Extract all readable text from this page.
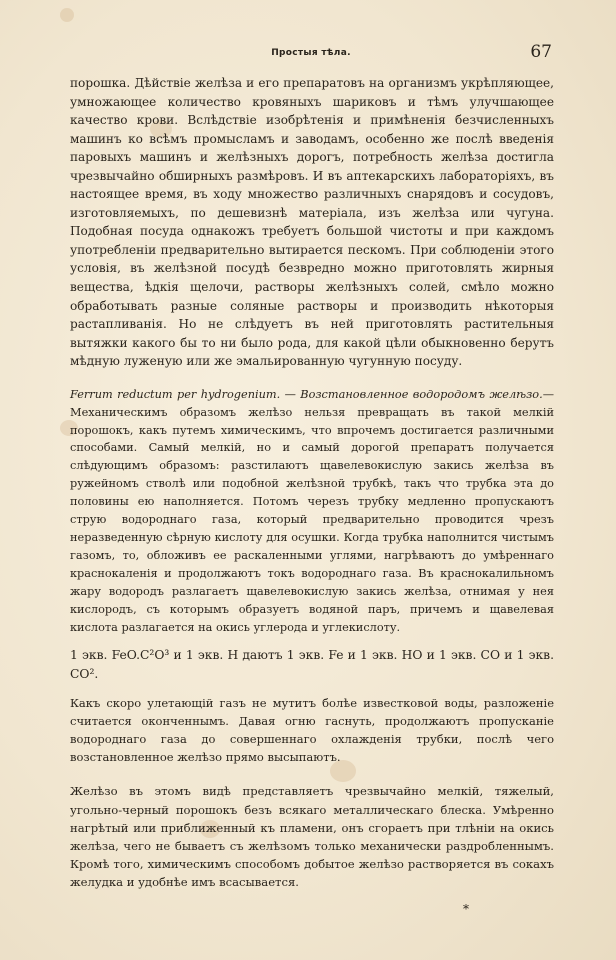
Простыя тѣла.	67

порошка. Дѣйствіе желѣза и его препаратовъ на организмъ укрѣпляющее, умножающее количество кровяныхъ шариковъ и тѣмъ улучшающее качество крови. Вслѣдствіе изобрѣтенія и примѣненія безчисленныхъ машинъ ко всѣмъ промысламъ и заводамъ, особенно же послѣ введенія паровыхъ машинъ и желѣзныхъ дорогъ, потребность желѣза достигла чрезвычайно обширныхъ размѣровъ. И въ аптекарскихъ лабораторіяхъ, въ настоящее время, въ ходу множество различныхъ снарядовъ и сосудовъ, изготовляемыхъ, по дешевизнѣ матеріала, изъ желѣза или чугуна. Подобная посуда однакожъ требуетъ большой чистоты и при каждомъ употребленіи предварительно вытирается пескомъ. При соблюденіи этого условія, въ желѣзной посудѣ безвредно можно приготовлять жирныя вещества, ѣдкія щелочи, растворы желѣзныхъ солей, смѣло можно обработывать разные соляные растворы и производить нѣкоторыя растапливанія. Но не слѣдуетъ въ ней приготовлять растительныя вытяжки какого бы то ни было рода, для какой цѣли обыкновенно берутъ мѣдную луженую или же эмальированную чугунную посуду.

Ferrum reductum per hydrogenium. — Возстановленное водородомъ желѣзо.—Механическимъ образомъ желѣзо нельзя превращать въ такой мелкій порошокъ, какъ путемъ химическимъ, что впрочемъ достигается различными способами. Самый мелкій, но и самый дорогой препаратъ получается слѣдующимъ образомъ: разстилаютъ щавелевокислую закись желѣза въ ружейномъ стволѣ или подобной желѣзной трубкѣ, такъ что трубка эта до половины ею наполняется. Потомъ черезъ трубку медленно пропускаютъ струю водороднаго газа, который предварительно проводится чрезъ неразведенную сѣрную кислоту для осушки. Когда трубка наполнится чистымъ газомъ, то, обложивъ ее раскаленными углями, нагрѣваютъ до умѣреннаго краснокаленія и продолжаютъ токъ водороднаго газа. Въ краснокалильномъ жару водородъ разлагаетъ щавелевокислую закись желѣза, отнимая у нея кислородъ, съ которымъ образуетъ водяной паръ, причемъ и щавелевая кислота разлагается на окись углерода и углекислоту.

1 экв. FeO.C²O³ и 1 экв. H даютъ 1 экв. Fe и 1 экв. HO и 1 экв. CO и 1 экв. CO².

Какъ скоро улетающій газъ не мутитъ болѣе известковой воды, разложеніе считается оконченнымъ. Давая огню гаснуть, продолжаютъ пропусканіе водороднаго газа до совершеннаго охлажденія трубки, послѣ чего возстановленное желѣзо прямо высыпаютъ.

Желѣзо въ этомъ видѣ представляетъ чрезвычайно мелкій, тяжелый, угольно-черный порошокъ безъ всякаго металлическаго блеска. Умѣренно нагрѣтый или приближенный къ пламени, онъ сгораетъ при тлѣніи на окись желѣза, чего не бываетъ съ желѣзомъ только механически раздробленнымъ. Кромѣ того, химическимъ способомъ добытое желѣзо растворяется въ сокахъ желудка и удобнѣе имъ всасывается.

*
